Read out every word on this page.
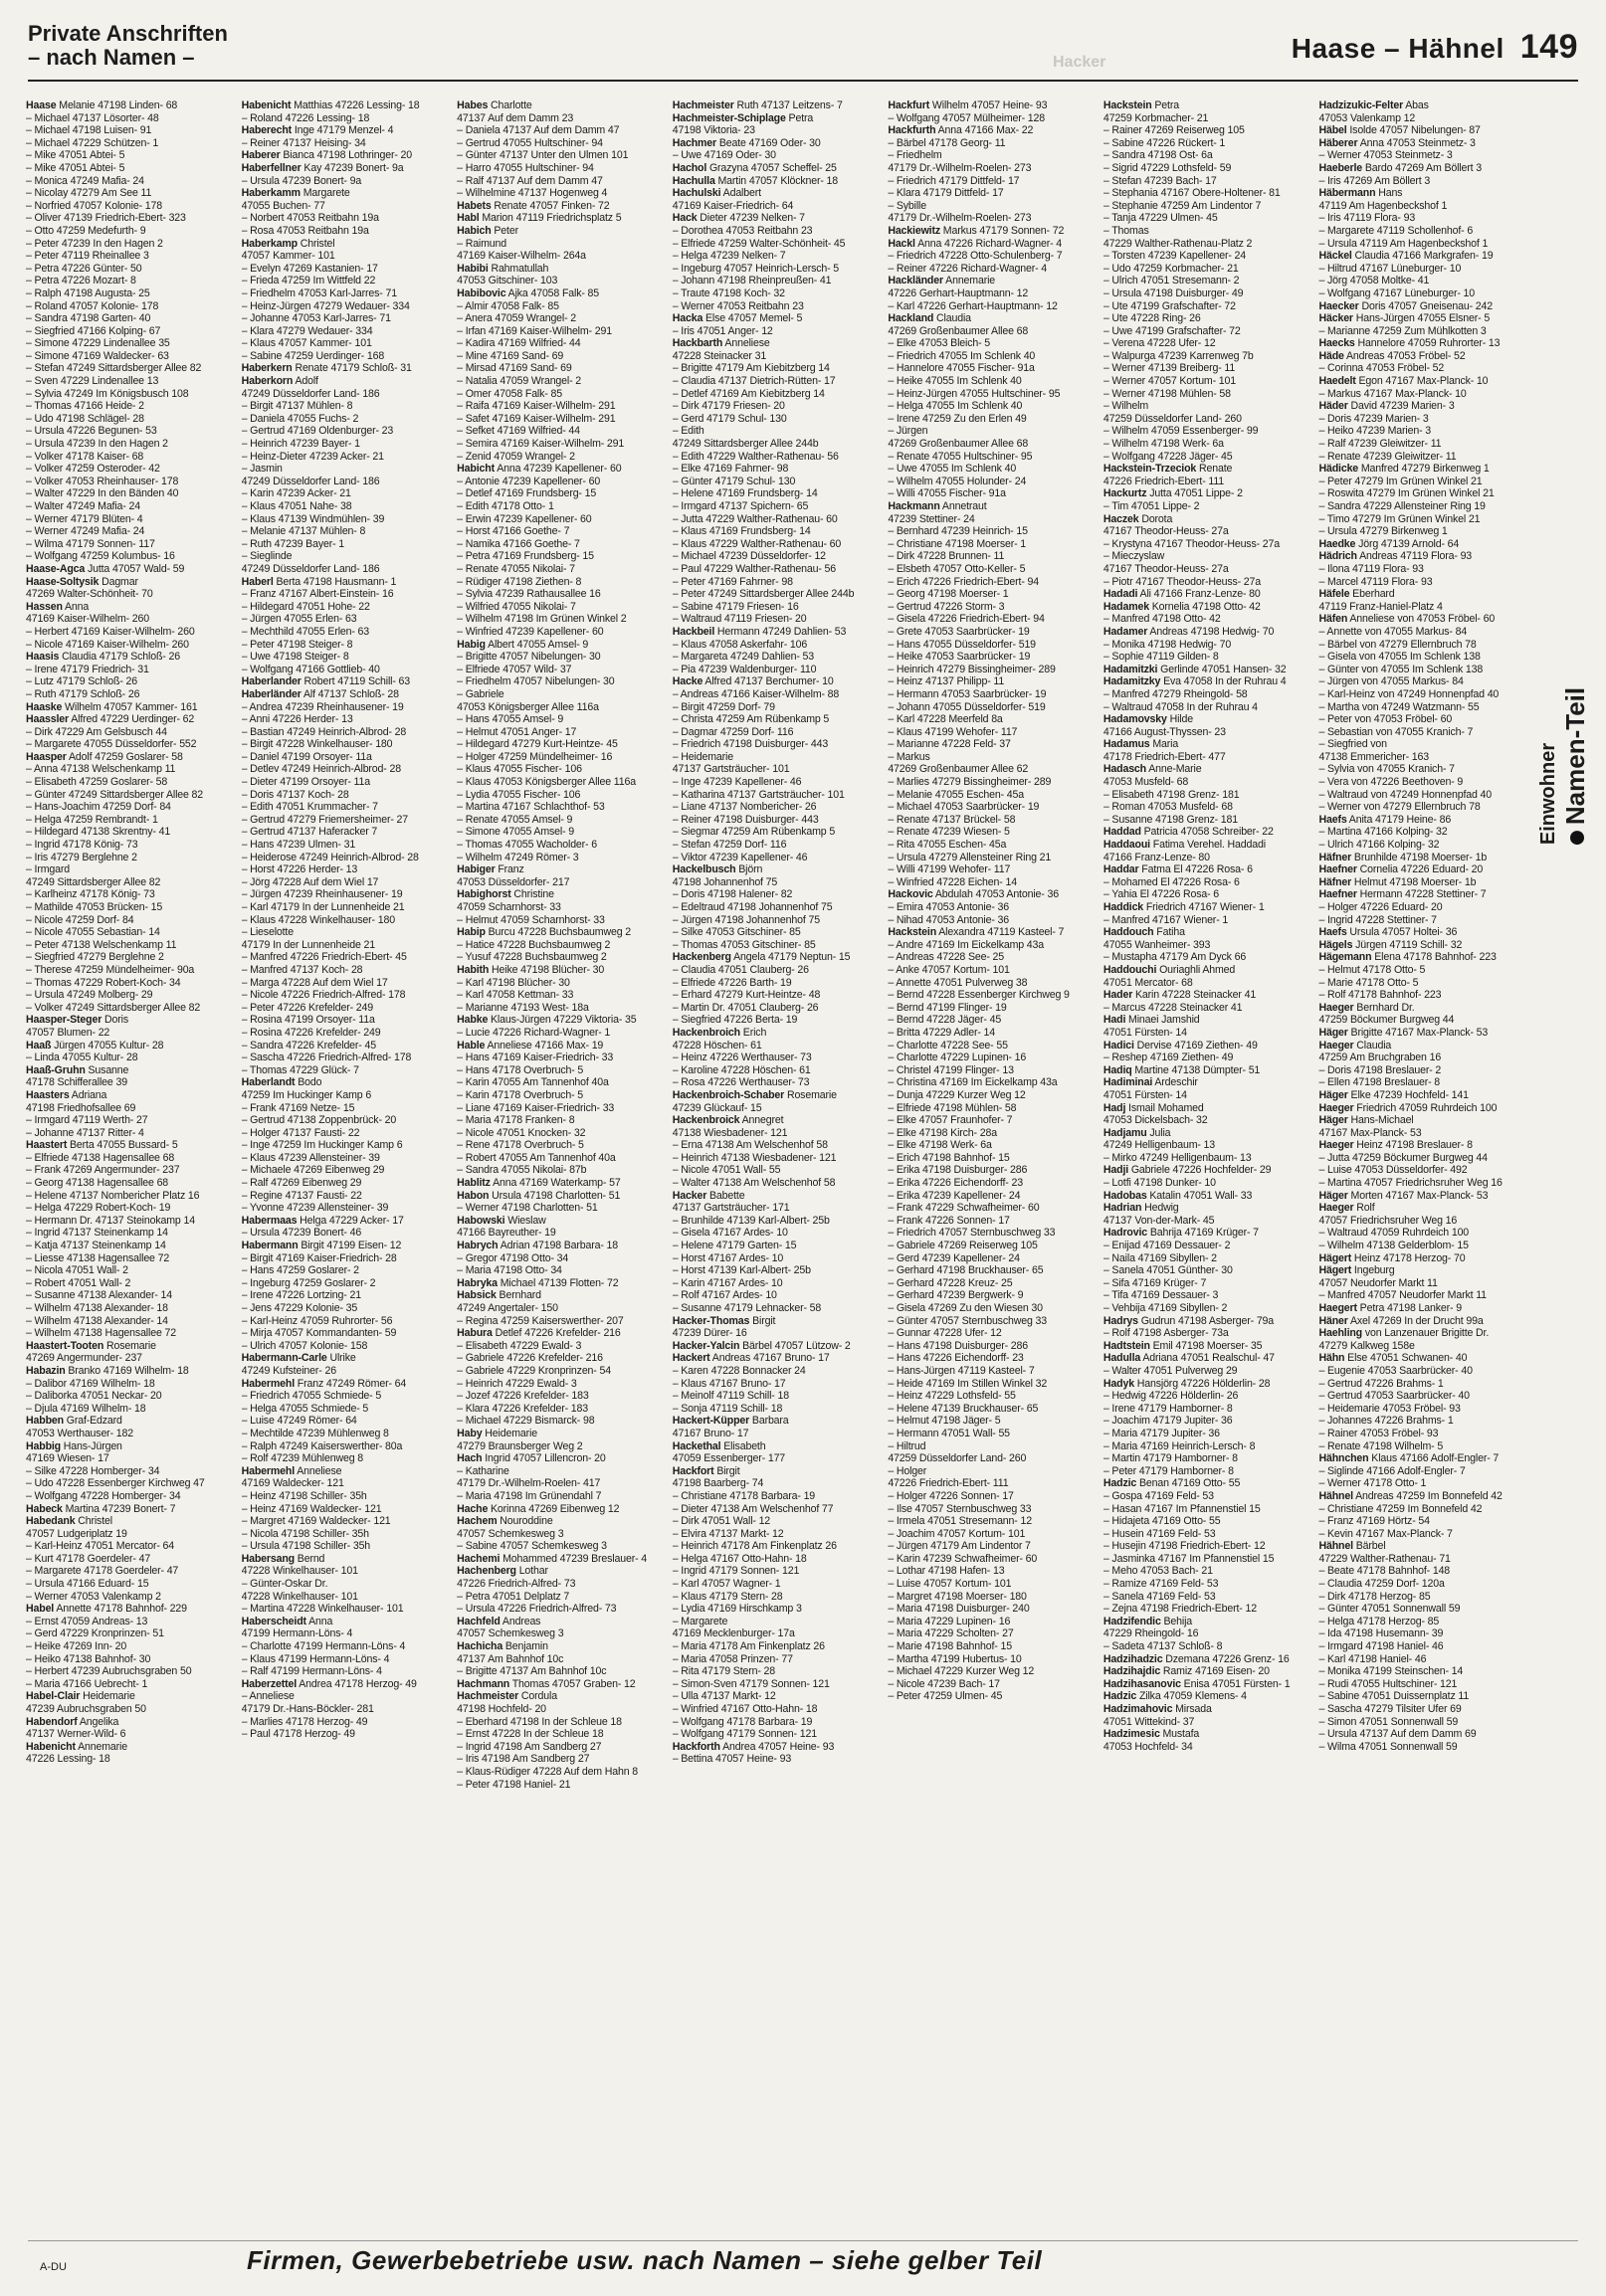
Private Anschriften
– nach Namen –	Hacker	Haase – Hähnel 149
Haase Melanie 47198 Linden- 68
– Michael 47137 Lösorter- 48
– Michael 47198 Luisen- 91
– Michael 47229 Schützen- 1
– Mike 47051 Abtei- 5
– Mike 47051 Abtei- 5
– Monica 47249 Mafia- 24
– Nicolay 47279 Am See 11
– Norfried 47057 Kolonie- 178
– Oliver 47139 Friedrich-Ebert- 323
– Otto 47259 Medefurth- 9
– Peter 47239 In den Hagen 2
– Peter 47119 Rheinallee 3
– Petra 47226 Günter- 50
– Petra 47226 Mozart- 8
– Ralph 47198 Augusta- 25
– Roland 47057 Kolonie- 178
– Sandra 47198 Garten- 40
– Siegfried 47166 Kolping- 67
– Simone 47229 Lindenallee 35
– Simone 47169 Waldecker- 63
– Stefan 47249 Sittardsberger Allee 82
– Sven 47229 Lindenallee 13
– Sylvia 47249 Im Königsbusch 108
– Thomas 47166 Heide- 2
– Udo 47198 Schlägel- 28
– Ursula 47226 Begunen- 53
– Ursula 47239 In den Hagen 2
– Volker 47178 Kaiser- 68
– Volker 47259 Osteroder- 42
– Volker 47053 Rheinhauser- 178
– Walter 47229 In den Bänden 40
– Walter 47249 Mafia- 24
– Werner 47179 Blüten- 4
– Werner 47249 Mafia- 24
– Wilma 47179 Sonnen- 117
– Wolfgang 47259 Kolumbus- 16
Haase-Agca Jutta 47057 Wald- 59
Haase-Soltysik Dagmar
47269 Walter-Schönheit- 70
Hassen Anna
47169 Kaiser-Wilhelm- 260
– Herbert 47169 Kaiser-Wilhelm- 260
– Nicole 47169 Kaiser-Wilhelm- 260
Haasis Claudia 47179 Schloß- 26
– Irene 47179 Friedrich- 31
– Lutz 47179 Schloß- 26
– Ruth 47179 Schloß- 26
Haaske Wilhelm 47057 Kammer- 161
Haassler Alfred 47229 Uerdinger- 62
– Dirk 47229 Am Gelsbusch 44
– Margarete 47055 Düsseldorfer- 552
Haasper Adolf 47259 Goslarer- 58
– Anna 47138 Welschenkamp 11
– Elisabeth 47259 Goslarer- 58
– Günter 47249 Sittardsberger Allee 82
– Hans-Joachim 47259 Dorf- 84
– Helga 47259 Rembrandt- 1
– Hildegard 47138 Skrentny- 41
– Ingrid 47178 König- 73
– Iris 47279 Berglehne 2
– Irmgard
47249 Sittardsberger Allee 82
– Karlheinz 47178 König- 73
– Mathilde 47053 Brücken- 15
– Nicole 47259 Dorf- 84
– Nicole 47055 Sebastian- 14
– Peter 47138 Welschenkamp 11
– Siegfried 47279 Berglehne 2
– Therese 47259 Mündelheimer- 90a
– Thomas 47229 Robert-Koch- 34
– Ursula 47249 Molberg- 29
– Volker 47249 Sittardsberger Allee 82
Haasper-Steger Doris
47057 Blumen- 22
Haaß Jürgen 47055 Kultur- 28
– Linda 47055 Kultur- 28
Haaß-Gruhn Susanne
47178 Schifferallee 39
Haasters Adriana
47198 Friedhofsallee 69
– Irmgard 47119 Werth- 27
– Johanne 47137 Ritter- 4
Haastert Berta 47055 Bussard- 5
– Elfriede 47138 Hagensallee 68
– Frank 47269 Angermunder- 237
– Georg 47138 Hagensallee 68
– Helene 47137 Nombericher Platz 16
– Helga 47229 Robert-Koch- 19
– Hermann Dr. 47137 Steinokamp 14
– Ingrid 47137 Steinenkamp 14
– Katja 47137 Steinenkamp 14
– Liesse 47138 Hagensallee 72
– Nicola 47051 Wall- 2
– Robert 47051 Wall- 2
– Susanne 47138 Alexander- 14
– Wilhelm 47138 Alexander- 18
– Wilhelm 47138 Alexander- 14
– Wilhelm 47138 Hagensallee 72
Haastert-Tooten Rosemarie
47269 Angermunder- 237
Habazin Branko 47169 Wilhelm- 18
– Dalibor 47169 Wilhelm- 18
– Daliborka 47051 Neckar- 20
– Djula 47169 Wilhelm- 18
Habben Graf-Edzard
47053 Werthauser- 182
Habbig Hans-Jürgen
47169 Wiesen- 17
– Silke 47228 Homberger- 34
– Udo 47228 Essenberger Kirchweg 47
– Wolfgang 47228 Homberger- 34
Habeck Martina 47239 Bonert- 7
Habedank Christel
47057 Ludgeriplatz 19
– Karl-Heinz 47051 Mercator- 64
– Kurt 47178 Goerdeler- 47
– Margarete 47178 Goerdeler- 47
– Ursula 47166 Eduard- 15
– Werner 47053 Valenkamp 2
Habel Annette 47178 Bahnhof- 229
– Ernst 47059 Andreas- 13
– Gerd 47229 Kronprinzen- 51
– Heike 47269 Inn- 20
– Heiko 47138 Bahnhof- 30
– Herbert 47239 Aubruchsgraben 50
– Maria 47166 Uebrecht- 1
Habel-Clair Heidemarie
47239 Aubruchsgraben 50
Habendorf Angelika
47137 Werner-Wild- 6
Habenicht Annemarie
47226 Lessing- 18
Habenicht Matthias 47226 Lessing- 18
– Roland 47226 Lessing- 18
Haberecht Inge 47179 Menzel- 4
– Reiner 47137 Heising- 34
Haberer Bianca 47198 Lothringer- 20
Haberfellner Kay 47239 Bonert- 9a
– Ursula 47239 Bonert- 9a
Haberkamm Margarete
47055 Buchen- 77
– Norbert 47053 Reitbahn 19a
– Rosa 47053 Reitbahn 19a
Haberkamp Christel
47057 Kammer- 101
– Evelyn 47269 Kastanien- 17
– Frieda 47259 Im Wittfeld 22
– Friedhelm 47053 Karl-Jarres- 71
– Heinz-Jürgen 47279 Wedauer- 334
– Johanne 47053 Karl-Jarres- 71
– Klara 47279 Wedauer- 334
– Klaus 47057 Kammer- 101
– Sabine 47259 Uerdinger- 168
Haberkern Renate 47179 Schloß- 31
Haberkorn Adolf
47249 Düsseldorfer Land- 186
– Birgit 47137 Mühlen- 8
– Daniela 47055 Fuchs- 2
– Gertrud 47169 Oldenburger- 23
– Heinrich 47239 Bayer- 1
– Heinz-Dieter 47239 Acker- 21
– Jasmin
47249 Düsseldorfer Land- 186
– Karin 47239 Acker- 21
– Klaus 47051 Nahe- 38
– Klaus 47139 Windmühlen- 39
– Melanie 47137 Mühlen- 8
– Ruth 47239 Bayer- 1
– Sieglinde
47249 Düsseldorfer Land- 186
Haberl Berta 47198 Hausmann- 1
– Franz 47167 Albert-Einstein- 16
– Hildegard 47051 Hohe- 22
– Jürgen 47055 Erlen- 63
– Mechthild 47055 Erlen- 63
– Peter 47198 Steiger- 8
– Uwe 47198 Steiger- 8
– Wolfgang 47166 Gottlieb- 40
Haberlander Robert 47119 Schill- 63
Haberländer Alf 47137 Schloß- 28
– Andrea 47239 Rheinhausener- 19
– Anni 47226 Herder- 13
– Bastian 47249 Heinrich-Albrod- 28
– Birgit 47228 Winkelhauser- 180
– Daniel 47199 Orsoyer- 11a
– Detlev 47249 Heinrich-Albrod- 28
– Dieter 47199 Orsoyer- 11a
– Doris 47137 Koch- 28
– Edith 47051 Krummacher- 7
– Gertrud 47279 Friemersheimer- 27
– Gertrud 47137 Haferacker 7
– Hans 47239 Ulmen- 31
– Heiderose 47249 Heinrich-Albrod- 28
– Horst 47226 Herder- 13
– Jörg 47228 Auf dem Wiel 17
– Jürgen 47239 Rheinhausener- 19
– Karl 47179 In der Lunnenheide 21
– Klaus 47228 Winkelhauser- 180
– Lieselotte
47179 In der Lunnenheide 21
– Manfred 47226 Friedrich-Ebert- 45
– Manfred 47137 Koch- 28
– Marga 47228 Auf dem Wiel 17
– Nicole 47226 Friedrich-Alfred- 178
– Peter 47226 Krefelder- 249
– Rosina 47199 Orsoyer- 11a
– Rosina 47226 Krefelder- 249
– Sandra 47226 Krefelder- 45
– Sascha 47226 Friedrich-Alfred- 178
– Thomas 47229 Glück- 7
Haberlandt Bodo
47259 Im Huckinger Kamp 6
– Frank 47169 Netze- 15
– Gertrud 47138 Zoppenbrück- 20
– Holger 47137 Fausti- 22
– Inge 47259 Im Huckinger Kamp 6
– Klaus 47239 Allensteiner- 39
– Michaele 47269 Eibenweg 29
– Ralf 47269 Eibenweg 29
– Regine 47137 Fausti- 22
– Yvonne 47239 Allensteiner- 39
Habermaas Helga 47229 Acker- 17
– Ursula 47239 Bonert- 46
Habermann Birgit 47199 Eisen- 12
– Birgit 47169 Kaiser-Friedrich- 28
– Hans 47259 Goslarer- 2
– Ingeburg 47259 Goslarer- 2
– Irene 47226 Lortzing- 21
– Jens 47229 Kolonie- 35
– Karl-Heinz 47059 Ruhrorter- 56
– Mirja 47057 Kommandanten- 59
– Ulrich 47057 Kolonie- 158
Habermann-Carle Ulrike
47249 Kufsteiner- 26
Habermehl Franz 47249 Römer- 64
– Friedrich 47055 Schmiede- 5
– Helga 47055 Schmiede- 5
– Luise 47249 Römer- 64
– Mechtilde 47239 Mühlenweg 8
– Ralph 47249 Kaiserswerther- 80a
– Rolf 47239 Mühlenweg 8
Habermehl Anneliese
47169 Waldecker- 121
– Heinz 47198 Schiller- 35h
– Heinz 47169 Waldecker- 121
– Margret 47169 Waldecker- 121
– Nicola 47198 Schiller- 35h
– Ursula 47198 Schiller- 35h
Habersang Bernd
47228 Winkelhauser- 101
– Günter-Oskar Dr.
47228 Winkelhauser- 101
– Martina 47228 Winkelhauser- 101
Haberscheidt Anna
47199 Hermann-Löns- 4
– Charlotte 47199 Hermann-Löns- 4
– Klaus 47199 Hermann-Löns- 4
– Ralf 47199 Hermann-Löns- 4
Haberzettel Andrea 47178 Herzog- 49
– Anneliese
47179 Dr.-Hans-Böckler- 281
– Marlies 47178 Herzog- 49
– Paul 47178 Herzog- 49
Habes Charlotte
47137 Auf dem Damm 23
– Daniela 47137 Auf dem Damm 47
– Gertrud 47055 Hultschiner- 94
– Günter 47137 Unter den Ulmen 101
– Harro 47055 Hultschiner- 94
– Ralf 47137 Auf dem Damm 47
– Wilhelmine 47137 Hogenweg 4
Habets Renate 47057 Finken- 72
Habl Marion 47119 Friedrichsplatz 5
Habich Peter
– Raimund
47169 Kaiser-Wilhelm- 264a
Habibi Rahmatullah
47053 Gitschiner- 103
Habibovic Ajka 47058 Falk- 85
– Almir 47058 Falk- 85
– Anera 47059 Wrangel- 2
– Irfan 47169 Kaiser-Wilhelm- 291
– Kadira 47169 Wilfried- 44
– Mine 47169 Sand- 69
– Mirsad 47169 Sand- 69
– Natalia 47059 Wrangel- 2
– Omer 47058 Falk- 85
– Raifa 47169 Kaiser-Wilhelm- 291
– Safet 47169 Kaiser-Wilhelm- 291
– Sefket 47169 Wilfried- 44
– Semira 47169 Kaiser-Wilhelm- 291
– Zenid 47059 Wrangel- 2
Habicht Anna 47239 Kapellener- 60
– Antonie 47239 Kapellener- 60
– Detlef 47169 Frundsberg- 15
– Edith 47178 Otto- 1
– Erwin 47239 Kapellener- 60
– Horst 47166 Goethe- 7
– Namika 47166 Goethe- 7
– Petra 47169 Frundsberg- 15
– Renate 47055 Nikolai- 7
– Rüdiger 47198 Ziethen- 8
– Sylvia 47239 Rathausallee 16
– Wilfried 47055 Nikolai- 7
– Wilhelm 47198 Im Grünen Winkel 2
– Winfried 47239 Kapellener- 60
Habig Albert 47055 Amsel- 9
– Brigitte 47057 Nibelungen- 30
– Elfriede 47057 Wild- 37
– Friedhelm 47057 Nibelungen- 30
– Gabriele
47053 Königsberger Allee 116a
– Hans 47055 Amsel- 9
– Helmut 47051 Anger- 17
– Hildegard 47279 Kurt-Heintze- 45
– Holger 47259 Mündelheimer- 16
– Klaus 47055 Fischer- 106
– Klaus 47053 Königsberger Allee 116a
– Lydia 47055 Fischer- 106
– Martina 47167 Schlachthof- 53
– Renate 47055 Amsel- 9
– Simone 47055 Amsel- 9
– Thomas 47055 Wacholder- 6
– Wilhelm 47249 Römer- 3
Habiger Franz
47053 Düsseldorfer- 217
Habighorst Christine
47059 Scharnhorst- 33
– Helmut 47059 Scharnhorst- 33
Habip Burcu 47228 Buchsbaumweg 2
– Hatice 47228 Buchsbaumweg 2
– Yusuf 47228 Buchsbaumweg 2
Habith Heike 47198 Blücher- 30
– Karl 47198 Blücher- 30
– Karl 47058 Kettman- 33
– Marianne 47193 West- 18a
Habke Klaus-Jürgen 47229 Viktoria- 35
– Lucie 47226 Richard-Wagner- 1
Hable Anneliese 47166 Max- 19
– Hans 47169 Kaiser-Friedrich- 33
– Hans 47178 Overbruch- 5
– Karin 47055 Am Tannenhof 40a
– Karin 47178 Overbruch- 5
– Liane 47169 Kaiser-Friedrich- 33
– Maria 47178 Franken- 8
– Nicole 47051 Knocken- 32
– Rene 47178 Overbruch- 5
– Robert 47055 Am Tannenhof 40a
– Sandra 47055 Nikolai- 87b
Hablitz Anna 47169 Waterkamp- 57
Habon Ursula 47198 Charlotten- 51
– Werner 47198 Charlotten- 51
Habowski Wieslaw
47166 Bayreuther- 19
Habrych Adrian 47198 Barbara- 18
– Gregor 47198 Otto- 34
– Maria 47198 Otto- 34
Habryka Michael 47139 Flotten- 72
Habsick Bernhard
47249 Angertaler- 150
– Regina 47259 Kaiserswerther- 207
Habura Detlef 47226 Krefelder- 216
– Elisabeth 47229 Ewald- 3
– Gabriele 47226 Krefelder- 216
– Gabriele 47229 Kronprinzen- 54
– Heinrich 47229 Ewald- 3
– Jozef 47226 Krefelder- 183
– Klara 47226 Krefelder- 183
– Michael 47229 Bismarck- 98
Haby Heidemarie
47279 Braunsberger Weg 2
Hach Ingrid 47057 Lillencron- 20
– Katharine
47179 Dr.-Wilhelm-Roelen- 417
– Maria 47198 Im Grünendahl 7
Hache Korinna 47269 Eibenweg 12
Hachem Nouroddine
47057 Schemkesweg 3
– Sabine 47057 Schemkesweg 3
Hachemi Mohammed 47239 Breslauer- 4
Hachenberg Lothar
47226 Friedrich-Alfred- 73
– Petra 47051 Delplatz 7
– Ursula 47226 Friedrich-Alfred- 73
Hachfeld Andreas
47057 Schemkesweg 3
Hachicha Benjamin
47137 Am Bahnhof 10c
– Brigitte 47137 Am Bahnhof 10c
Hachmann Thomas 47057 Graben- 12
Hachmeister Cordula
47198 Hochfeld- 20
– Eberhard 47198 In der Schleue 18
– Ernst 47228 In der Schleue 18
– Ingrid 47198 Am Sandberg 27
– Iris 47198 Am Sandberg 27
– Klaus-Rüdiger 47228 Auf dem Hahn 8
– Peter 47198 Haniel- 21
Hachmeister Ruth 47137 Leitzens- 7
Hachmeister-Schiplage Petra
47198 Viktoria- 23
Hachmer Beate 47169 Oder- 30
– Uwe 47169 Oder- 30
Hachol Grazyna 47057 Scheffel- 25
Hachulla Martin 47057 Klöckner- 18
Hachulski Adalbert
47169 Kaiser-Friedrich- 64
Hack Dieter 47239 Nelken- 7
– Dorothea 47053 Reitbahn 23
– Elfriede 47259 Walter-Schönheit- 45
– Helga 47239 Nelken- 7
– Ingeburg 47057 Heinrich-Lersch- 5
– Johann 47198 Rheinpreußen- 41
– Traute 47198 Koch- 32
– Werner 47053 Reitbahn 23
Hacka Else 47057 Memel- 5
– Iris 47051 Anger- 12
Hackbarth Anneliese
47228 Steinacker 31
– Brigitte 47179 Am Kiebitzberg 14
– Claudia 47137 Dietrich-Rütten- 17
– Detlef 47169 Am Kiebitzberg 14
– Dirk 47179 Friesen- 20
– Gerd 47179 Schul- 130
– Edith
47249 Sittardsberger Allee 244b
– Edith 47229 Walther-Rathenau- 56
– Elke 47169 Fahrner- 98
– Günter 47179 Schul- 130
– Helene 47169 Frundsberg- 14
– Irmgard 47137 Spichern- 65
– Jutta 47229 Walther-Rathenau- 60
– Klaus 47169 Frundsberg- 14
– Klaus 47229 Walther-Rathenau- 60
– Michael 47239 Düsseldorfer- 12
– Paul 47229 Walther-Rathenau- 56
– Peter 47169 Fahrner- 98
– Peter 47249 Sittardsberger Allee 244b
– Sabine 47179 Friesen- 16
– Waltraud 47119 Friesen- 20
Hackbeil Hermann 47249 Dahlien- 53
– Klaus 47058 Askerfahr- 106
– Margareta 47249 Dahlien- 53
– Pia 47239 Waldenburger- 110
Hacke Alfred 47137 Berchumer- 10
– Andreas 47166 Kaiser-Wilhelm- 88
– Birgit 47259 Dorf- 79
– Christa 47259 Am Rübenkamp 5
– Dagmar 47259 Dorf- 116
– Friedrich 47198 Duisburger- 443
– Heidemarie
47137 Gartsträucher- 101
– Inge 47239 Kapellener- 46
– Katharina 47137 Gartsträucher- 101
– Liane 47137 Nombericher- 26
– Reiner 47198 Duisburger- 443
– Siegmar 47259 Am Rübenkamp 5
– Stefan 47259 Dorf- 116
– Viktor 47239 Kapellener- 46
Hackelbusch Björn
47198 Johannenhof 75
– Doris 47198 Halener- 82
– Edeltraud 47198 Johannenhof 75
– Jürgen 47198 Johannenhof 75
– Silke 47053 Gitschiner- 85
– Thomas 47053 Gitschiner- 85
Hackenberg Angela 47179 Neptun- 15
– Claudia 47051 Clauberg- 26
– Elfriede 47226 Barth- 19
– Erhard 47279 Kurt-Heintze- 48
– Martin Dr. 47051 Clauberg- 26
– Siegfried 47226 Berta- 19
Hackenbroich Erich
47228 Höschen- 61
– Heinz 47226 Werthauser- 73
– Karoline 47228 Höschen- 61
– Rosa 47226 Werthauser- 73
Hackenbroich-Schaber Rosemarie
47239 Glückauf- 15
Hackenbroick Annegret
47138 Wiesbadener- 121
– Erna 47138 Am Welschenhof 58
– Heinrich 47138 Wiesbadener- 121
– Nicole 47051 Wall- 55
– Walter 47138 Am Welschenhof 58
Hacker Babette
47137 Gartsträucher- 171
– Brunhilde 47139 Karl-Albert- 25b
– Gisela 47167 Ardes- 10
– Helene 47179 Garten- 15
– Horst 47167 Ardes- 10
– Horst 47139 Karl-Albert- 25b
– Karin 47167 Ardes- 10
– Rolf 47167 Ardes- 10
– Susanne 47179 Lehnacker- 58
Hacker-Thomas Birgit
47239 Dürer- 16
Hacker-Yalcin Bärbel 47057 Lützow- 2
Hackert Andreas 47167 Bruno- 17
– Karen 47228 Bonnacker 24
– Klaus 47167 Bruno- 17
– Meinolf 47119 Schill- 18
– Sonja 47119 Schill- 18
Hackert-Küpper Barbara
47167 Bruno- 17
Hackethal Elisabeth
47059 Essenberger- 177
Hackfort Birgit
47198 Baarberg- 74
– Christiane 47178 Barbara- 19
– Dieter 47138 Am Welschenhof 77
– Dirk 47051 Wall- 12
– Elvira 47137 Markt- 12
– Heinrich 47178 Am Finkenplatz 26
– Helga 47167 Otto-Hahn- 18
– Ingrid 47179 Sonnen- 121
– Karl 47057 Wagner- 1
– Klaus 47179 Stern- 28
– Lydia 47169 Hirschkamp 3
– Margarete
47169 Mecklenburger- 17a
– Maria 47178 Am Finkenplatz 26
– Maria 47058 Prinzen- 77
– Rita 47179 Stern- 28
– Simon-Sven 47179 Sonnen- 121
– Ulla 47137 Markt- 12
– Winfried 47167 Otto-Hahn- 18
– Wolfgang 47178 Barbara- 19
– Wolfgang 47179 Sonnen- 121
Hackforth Andrea 47057 Heine- 93
– Bettina 47057 Heine- 93
Hackfurt Wilhelm 47057 Heine- 93
– Wolfgang 47057 Mülheimer- 128
Hackfurth Anna 47166 Max- 22
– Bärbel 47178 Georg- 11
– Friedhelm
47179 Dr.-Wilhelm-Roelen- 273
– Friedrich 47179 Dittfeld- 17
– Klara 47179 Dittfeld- 17
– Sybille
47179 Dr.-Wilhelm-Roelen- 273
Hackiewitz Markus 47179 Sonnen- 72
Hackl Anna 47226 Richard-Wagner- 4
– Friedrich 47228 Otto-Schulenberg- 7
– Reiner 47226 Richard-Wagner- 4
Hackländer Annemarie
47226 Gerhart-Hauptmann- 12
– Karl 47226 Gerhart-Hauptmann- 12
Hackland Claudia
47269 Großenbaumer Allee 68
– Elke 47053 Bleich- 5
– Friedrich 47055 Im Schlenk 40
– Hannelore 47055 Fischer- 91a
– Heike 47055 Im Schlenk 40
– Heinz-Jürgen 47055 Hultschiner- 95
– Helga 47055 Im Schlenk 40
– Irene 47259 Zu den Erlen 49
– Jürgen
47269 Großenbaumer Allee 68
– Renate 47055 Hultschiner- 95
– Uwe 47055 Im Schlenk 40
– Wilhelm 47055 Holunder- 24
– Willi 47055 Fischer- 91a
Hackmann Annetraut
47239 Stettiner- 24
– Bernhard 47239 Heinrich- 15
– Christiane 47198 Moerser- 1
– Dirk 47228 Brunnen- 11
– Elsbeth 47057 Otto-Keller- 5
– Erich 47226 Friedrich-Ebert- 94
– Georg 47198 Moerser- 1
– Gertrud 47226 Storm- 3
– Gisela 47226 Friedrich-Ebert- 94
– Grete 47053 Saarbrücker- 19
– Hans 47055 Düsseldorfer- 519
– Heike 47053 Saarbrücker- 19
– Heinrich 47279 Bissingheimer- 289
– Heinz 47137 Philipp- 11
– Hermann 47053 Saarbrücker- 19
– Johann 47055 Düsseldorfer- 519
– Karl 47228 Meerfeld 8a
– Klaus 47199 Wehofer- 117
– Marianne 47228 Feld- 37
– Markus
47269 Großenbaumer Allee 62
– Marlies 47279 Bissingheimer- 289
– Melanie 47055 Eschen- 45a
– Michael 47053 Saarbrücker- 19
– Renate 47137 Brückel- 58
– Renate 47239 Wiesen- 5
– Rita 47055 Eschen- 45a
– Ursula 47279 Allensteiner Ring 21
– Willi 47199 Wehofer- 117
– Winfried 47228 Eichen- 14
Hackovic Abdulah 47053 Antonie- 36
– Emira 47053 Antonie- 36
– Nihad 47053 Antonie- 36
Hackstein Alexandra 47119 Kasteel- 7
– Andre 47169 Im Eickelkamp 43a
– Andreas 47228 See- 25
– Anke 47057 Kortum- 101
– Annette 47051 Pulverweg 38
– Bernd 47228 Essenberger Kirchweg 9
– Bernd 47199 Flinger- 19
– Bernd 47228 Jäger- 45
– Britta 47229 Adler- 14
– Charlotte 47228 See- 55
– Charlotte 47229 Lupinen- 16
– Christel 47199 Flinger- 13
– Christina 47169 Im Eickelkamp 43a
– Dunja 47229 Kurzer Weg 12
– Elfriede 47198 Mühlen- 58
– Elke 47057 Fraunhofer- 7
– Elke 47198 Kirch- 28a
– Elke 47198 Werk- 6a
– Erich 47198 Bahnhof- 15
– Erika 47198 Duisburger- 286
– Erika 47226 Eichendorff- 23
– Erika 47239 Kapellener- 24
– Frank 47229 Schwafheimer- 60
– Frank 47226 Sonnen- 17
– Friedrich 47057 Sternbuschweg 33
– Gabriele 47269 Reiserweg 105
– Gerd 47239 Kapellener- 24
– Gerhard 47198 Bruckhauser- 65
– Gerhard 47228 Kreuz- 25
– Gerhard 47239 Bergwerk- 9
– Gisela 47269 Zu den Wiesen 30
– Günter 47057 Sternbuschweg 33
– Gunnar 47228 Ufer- 12
– Hans 47198 Duisburger- 286
– Hans 47226 Eichendorff- 23
– Hans-Jürgen 47119 Kasteel- 7
– Heide 47169 Im Stillen Winkel 32
– Heinz 47229 Lothsfeld- 55
– Helene 47139 Bruckhauser- 65
– Helmut 47198 Jäger- 5
– Hermann 47051 Wall- 55
– Hiltrud
47259 Düsseldorfer Land- 260
– Holger
47226 Friedrich-Ebert- 111
– Holger 47226 Sonnen- 17
– Ilse 47057 Sternbuschweg 33
– Irmela 47051 Stresemann- 12
– Joachim 47057 Kortum- 101
– Jürgen 47179 Am Lindentor 7
– Karin 47239 Schwafheimer- 60
– Lothar 47198 Hafen- 13
– Luise 47057 Kortum- 101
– Margret 47198 Moerser- 180
– Maria 47198 Duisburger- 240
– Maria 47229 Lupinen- 16
– Maria 47229 Scholten- 27
– Marie 47198 Bahnhof- 15
– Martha 47199 Hubertus- 10
– Michael 47229 Kurzer Weg 12
– Nicole 47239 Bach- 17
– Peter 47259 Ulmen- 45
Hackstein Petra
47259 Korbmacher- 21
– Rainer 47269 Reiserweg 105
– Sabine 47226 Rückert- 1
– Sandra 47198 Ost- 6a
– Sigrid 47229 Lothsfeld- 59
– Stefan 47239 Bach- 17
– Stephania 47167 Obere-Holtener- 81
– Stephanie 47259 Am Lindentor 7
– Tanja 47229 Ulmen- 45
– Thomas
47229 Walther-Rathenau-Platz 2
– Torsten 47239 Kapellener- 24
– Udo 47259 Korbmacher- 21
– Ulrich 47051 Stresemann- 2
– Ursula 47198 Duisburger- 49
– Ute 47199 Grafschafter- 72
– Ute 47228 Ring- 26
– Uwe 47199 Grafschafter- 72
– Verena 47228 Ufer- 12
– Walpurga 47239 Karrenweg 7b
– Werner 47139 Breiberg- 11
– Werner 47057 Kortum- 101
– Werner 47198 Mühlen- 58
– Wilhelm
47259 Düsseldorfer Land- 260
– Wilhelm 47059 Essenberger- 99
– Wilhelm 47198 Werk- 6a
– Wolfgang 47228 Jäger- 45
Hackstein-Trzeciok Renate
47226 Friedrich-Ebert- 111
Hackurtz Jutta 47051 Lippe- 2
– Tim 47051 Lippe- 2
Haczek Dorota
47167 Theodor-Heuss- 27a
– Krystyna 47167 Theodor-Heuss- 27a
– Mieczyslaw
47167 Theodor-Heuss- 27a
– Piotr 47167 Theodor-Heuss- 27a
Hadadi Ali 47166 Franz-Lenze- 80
Hadamek Kornelia 47198 Otto- 42
– Manfred 47198 Otto- 42
Hadamer Andreas 47198 Hedwig- 70
– Monika 47198 Hedwig- 70
– Sophie 47119 Gilden- 8
Hadamitzki Gerlinde 47051 Hansen- 32
Hadamitzky Eva 47058 In der Ruhrau 4
– Manfred 47279 Rheingold- 58
– Waltraud 47058 In der Ruhrau 4
Hadamovsky Hilde
47166 August-Thyssen- 23
Hadamus Maria
47178 Friedrich-Ebert- 477
Hadasch Anne-Marie
47053 Musfeld- 68
– Elisabeth 47198 Grenz- 181
– Roman 47053 Musfeld- 68
– Susanne 47198 Grenz- 181
Haddad Patricia 47058 Schreiber- 22
Haddaoui Fatima Verehel. Haddadi
47166 Franz-Lenze- 80
Haddar Fatma El 47226 Rosa- 6
– Mohamed El 47226 Rosa- 6
– Yahia El 47226 Rosa- 6
Haddick Friedrich 47167 Wiener- 1
– Manfred 47167 Wiener- 1
Haddouch Fatiha
47055 Wanheimer- 393
– Mustapha 47179 Am Dyck 66
Haddouchi Ouriaghli Ahmed
47051 Mercator- 68
Hader Karin 47228 Steinacker 41
– Marcus 47228 Steinacker 41
Hadi Minaei Jamshid
47051 Fürsten- 14
Hadici Dervise 47169 Ziethen- 49
– Reshep 47169 Ziethen- 49
Hadiq Martine 47138 Dümpter- 51
Hadiminai Ardeschir
47051 Fürsten- 14
Hadj Ismail Mohamed
47053 Dickelsbach- 32
Hadjamu Julia
47249 Helligenbaum- 13
– Mirko 47249 Helligenbaum- 13
Hadji Gabriele 47226 Hochfelder- 29
– Lotfi 47198 Dunker- 10
Hadobas Katalin 47051 Wall- 33
Hadrian Hedwig
47137 Von-der-Mark- 45
Hadrovic Bahrija 47169 Krüger- 7
– Enijad 47169 Dessauer- 2
– Naila 47169 Sibyllen- 2
– Sanela 47051 Günther- 30
– Sifa 47169 Krüger- 7
– Tifa 47169 Dessauer- 3
– Vehbija 47169 Sibyllen- 2
Hadrys Gudrun 47198 Asberger- 79a
– Rolf 47198 Asberger- 73a
Hadtstein Emil 47198 Moerser- 35
Hadulla Adriana 47051 Realschul- 47
– Walter 47051 Pulverweg 29
Hadyk Hansjörg 47226 Hölderlin- 28
– Hedwig 47226 Hölderlin- 26
– Irene 47179 Hamborner- 8
– Joachim 47179 Jupiter- 36
– Maria 47179 Jupiter- 36
– Maria 47169 Heinrich-Lersch- 8
– Martin 47179 Hamborner- 8
– Peter 47179 Hamborner- 8
Hadzic Benan 47169 Otto- 55
– Gospa 47169 Feld- 53
– Hasan 47167 Im Pfannenstiel 15
– Hidajeta 47169 Otto- 55
– Husein 47169 Feld- 53
– Husejin 47198 Friedrich-Ebert- 12
– Jasminka 47167 Im Pfannenstiel 15
– Meho 47053 Bach- 21
– Ramize 47169 Feld- 53
– Sanela 47169 Feld- 53
– Zejna 47198 Friedrich-Ebert- 12
Hadzifendic Behija
47229 Rheingold- 16
– Sadeta 47137 Schloß- 8
Hadzihadzic Dzemana 47226 Grenz- 16
Hadzihajdic Ramiz 47169 Eisen- 20
Hadzihasanovic Enisa 47051 Fürsten- 1
Hadzic Zilka 47059 Klemens- 4
Hadzimahovic Mirsada
47051 Wittekind- 37
Hadzimesic Mustafa
47053 Hochfeld- 34
Hadzizukic-Felter Abas
47053 Valenkamp 12
Häbel Isolde 47057 Nibelungen- 87
Häberer Anna 47053 Steinmetz- 3
– Werner 47053 Steinmetz- 3
Haeberle Bardo 47269 Am Böllert 3
– Iris 47269 Am Böllert 3
Häbermann Hans
47119 Am Hagenbeckshof 1
– Iris 47119 Flora- 93
– Margarete 47119 Schollenhof- 6
– Ursula 47119 Am Hagenbeckshof 1
Häckel Claudia 47166 Markgrafen- 19
– Hiltrud 47167 Lüneburger- 10
– Jörg 47058 Moltke- 41
– Wolfgang 47167 Lüneburger- 10
Haecker Doris 47057 Gneisenau- 242
Häcker Hans-Jürgen 47055 Elsner- 5
– Marianne 47259 Zum Mühlkotten 3
Haecks Hannelore 47059 Ruhrorter- 13
Häde Andreas 47053 Fröbel- 52
– Corinna 47053 Fröbel- 52
Haedelt Egon 47167 Max-Planck- 10
– Markus 47167 Max-Planck- 10
Häder David 47239 Marien- 3
– Doris 47239 Marien- 3
– Heiko 47239 Marien- 3
– Ralf 47239 Gleiwitzer- 11
– Renate 47239 Gleiwitzer- 11
Hädicke Manfred 47279 Birkenweg 1
– Peter 47279 Im Grünen Winkel 21
– Roswita 47279 Im Grünen Winkel 21
– Sandra 47229 Allensteiner Ring 19
– Timo 47279 Im Grünen Winkel 21
– Ursula 47279 Birkenweg 1
Haedke Jörg 47139 Arnold- 64
Hädrich Andreas 47119 Flora- 93
– Ilona 47119 Flora- 93
– Marcel 47119 Flora- 93
Häfele Eberhard
47119 Franz-Haniel-Platz 4
Häfen Anneliese von 47053 Fröbel- 60
– Annette von 47055 Markus- 84
– Bärbel von 47279 Ellernbruch 78
– Gisela von 47055 Im Schlenk 138
– Günter von 47055 Im Schlenk 138
– Jürgen von 47055 Markus- 84
– Karl-Heinz von 47249 Honnenpfad 40
– Martha von 47249 Watzmann- 55
– Peter von 47053 Fröbel- 60
– Sebastian von 47055 Kranich- 7
– Siegfried von
47138 Emmericher- 163
– Sylvia von 47055 Kranich- 7
– Vera von 47226 Beethoven- 9
– Waltraud von 47249 Honnenpfad 40
– Werner von 47279 Ellernbruch 78
Haefs Anita 47179 Heine- 86
– Martina 47166 Kolping- 32
– Ulrich 47166 Kolping- 32
Häfner Brunhilde 47198 Moerser- 1b
Haefner Cornelia 47226 Eduard- 20
Häfner Helmut 47198 Moerser- 1b
Haefner Hermann 47228 Stettiner- 7
– Holger 47226 Eduard- 20
– Ingrid 47228 Stettiner- 7
Haefs Ursula 47057 Holtei- 36
Hägels Jürgen 47119 Schill- 32
Hägemann Elena 47178 Bahnhof- 223
– Helmut 47178 Otto- 5
– Marie 47178 Otto- 5
– Rolf 47178 Bahnhof- 223
Haeger Bernhard Dr.
47259 Böckumer Burgweg 44
Häger Brigitte 47167 Max-Planck- 53
Haeger Claudia
47259 Am Bruchgraben 16
– Doris 47198 Breslauer- 2
– Ellen 47198 Breslauer- 8
Häger Elke 47239 Hochfeld- 141
Haeger Friedrich 47059 Ruhrdeich 100
Häger Hans-Michael
47167 Max-Planck- 53
Haeger Heinz 47198 Breslauer- 8
– Jutta 47259 Böckumer Burgweg 44
– Luise 47053 Düsseldorfer- 492
– Martina 47057 Friedrichsruher Weg 16
Häger Morten 47167 Max-Planck- 53
Haeger Rolf
47057 Friedrichsruher Weg 16
– Waltraud 47059 Ruhrdeich 100
– Wilhelm 47138 Gelderblom- 15
Hägert Heinz 47178 Herzog- 70
Hägert Ingeburg
47057 Neudorfer Markt 11
– Manfred 47057 Neudorfer Markt 11
Haegert Petra 47198 Lanker- 9
Häner Axel 47269 In der Drucht 99a
Haehling von Lanzenauer Brigitte Dr.
47279 Kalkweg 158e
Hähn Else 47051 Schwanen- 40
– Eugenie 47053 Saarbrücker- 40
– Gertrud 47226 Brahms- 1
– Gertrud 47053 Saarbrücker- 40
– Heidemarie 47053 Fröbel- 93
– Johannes 47226 Brahms- 1
– Rainer 47053 Fröbel- 93
– Renate 47198 Wilhelm- 5
Hähnchen Klaus 47166 Adolf-Engler- 7
– Siglinde 47166 Adolf-Engler- 7
– Werner 47178 Otto- 1
Hähnel Andreas 47259 Im Bonnefeld 42
– Christiane 47259 Im Bonnefeld 42
– Franz 47169 Hörtz- 54
– Kevin 47167 Max-Planck- 7
Hähnel Bärbel
47229 Walther-Rathenau- 71
– Beate 47178 Bahnhof- 148
– Claudia 47259 Dorf- 120a
– Dirk 47178 Herzog- 85
– Günter 47051 Sonnenwall 59
– Helga 47178 Herzog- 85
– Ida 47198 Husemann- 39
– Irmgard 47198 Haniel- 46
– Karl 47198 Haniel- 46
– Monika 47199 Steinschen- 14
– Rudi 47055 Hultschiner- 121
– Sabine 47051 Duissernplatz 11
– Sascha 47279 Tilsiter Ufer 69
– Simon 47051 Sonnenwall 59
– Ursula 47137 Auf dem Damm 69
– Wilma 47051 Sonnenwall 59
Einwohner Namen-Teil
A-DU	Firmen, Gewerbebetriebe usw. nach Namen – siehe gelber Teil
